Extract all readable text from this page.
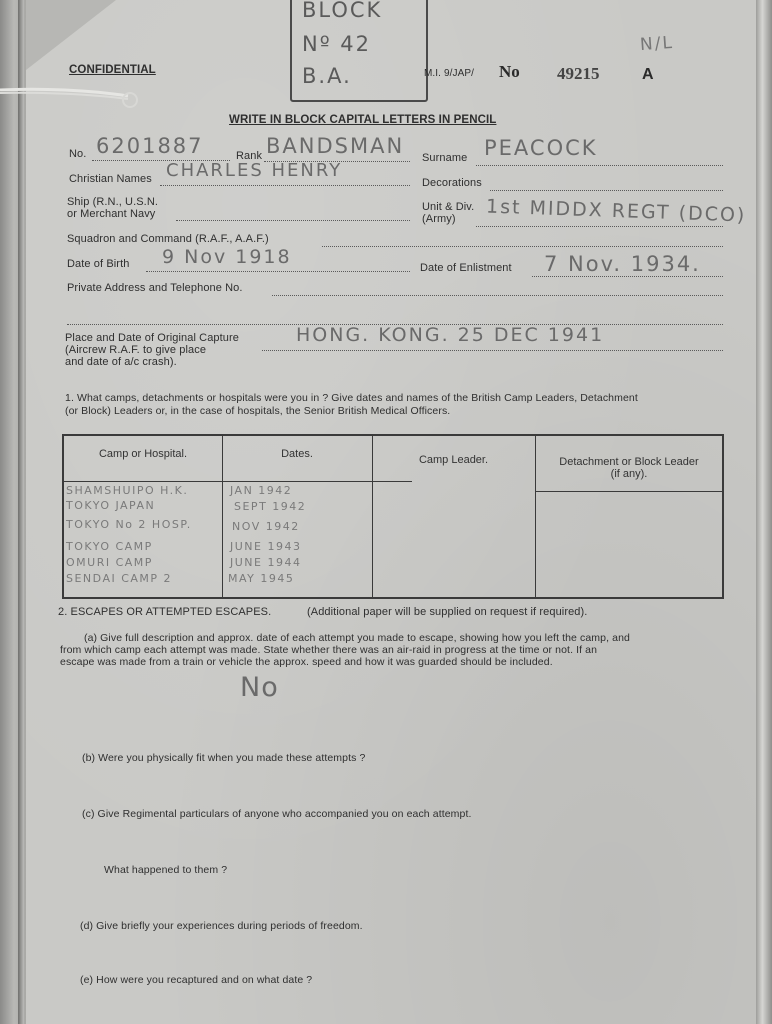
BLOCK
Nº 42
B.A.
CONFIDENTIAL	M.I. 9/JAP/ No 49215	A
N/L
WRITE IN BLOCK CAPITAL LETTERS IN PENCIL
No. 6201887	Rank BANDSMAN Surname PEACOCK
Christian Names CHARLES HENRY
Decorations
Ship (R.N., U.S.N.
or Merchant Navy
Unit & Div.
(Army) 1st MIDDX REGT (DCO)
Squadron and Command (R.A.F., A.A.F.)
Date of Birth 9 Nov 1918	Date of Enlistment 7 Nov. 1934.
Private Address and Telephone No.
Place and Date of Original Capture
(Aircrew R.A.F. to give place
and date of a/c crash).
HONG. KONG. 25 DEC 1941
1. What camps, detachments or hospitals were you in ? Give dates and names of the British Camp Leaders, Detachment
(or Block) Leaders or, in the case of hospitals, the Senior British Medical Officers.
Camp or Hospital.	Dates.	Camp Leader.	Detachment or Block Leader (if any).
SHAMSHUIPO H.K.	JAN 1942
TOKYO JAPAN	SEPT 1942
TOKYO No 2 HOSP.	NOV 1942
TOKYO CAMP	JUNE 1943
OMURI CAMP	JUNE 1944
SENDAI CAMP 2	MAY 1945
2. ESCAPES OR ATTEMPTED ESCAPES.	(Additional paper will be supplied on request if required).
(a) Give full description and approx. date of each attempt you made to escape, showing how you left the camp, and
from which camp each attempt was made. State whether there was an air-raid in progress at the time or not. If an
escape was made from a train or vehicle the approx. speed and how it was guarded should be included.
No
(b) Were you physically fit when you made these attempts ?
(c) Give Regimental particulars of anyone who accompanied you on each attempt.
What happened to them ?
(d) Give briefly your experiences during periods of freedom.
(e) How were you recaptured and on what date ?
